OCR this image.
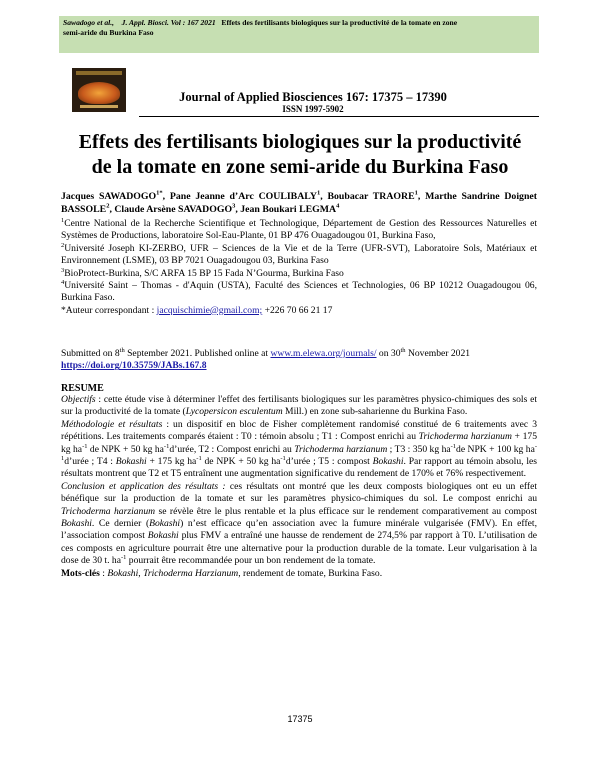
Sawadogo et al., J. Appl. Biosci. Vol : 167 2021 Effets des fertilisants biologiques sur la productivité de la tomate en zone
semi-aride du Burkina Faso
Journal of Applied Biosciences 167: 17375 – 17390
ISSN 1997-5902
Effets des fertilisants biologiques sur la productivité
de la tomate en zone semi-aride du Burkina Faso
Jacques $SAWADOGO^{1*}$, Pane Jeanne d’Arc COULIBALY$^1$, Boubacar TRAORE$^1$, Marthe Sandrine Doignet BASSOLE$^2$, Claude Arsène SAVADOGO$^3$, Jean Boukari LEGMA$^4$

$^1$Centre National de la Recherche Scientifique et Technologique, Département de Gestion des Ressources Naturelles et Systèmes de Productions, laboratoire Sol-Eau-Plante, 01 BP 476 Ouagadougou 01, Burkina Faso,

$^2$Université Joseph KI-ZERBO, UFR – Sciences de la Vie et de la Terre (UFR-SVT), Laboratoire Sols, Matériaux et Environnement (LSME), 03 BP 7021 Ouagadougou 03, Burkina Faso

$^3$BioProtect-Burkina, S/C ARFA 15 BP 15 Fada N’Gourma, Burkina Faso

$^4$Université Saint – Thomas - d'Aquin (USTA), Faculté des Sciences et Technologies, 06 BP 10212 Ouagadougou 06, Burkina Faso.

*Auteur correspondant : jacquischimie@gmail.com; +226 70 66 21 17

Submitted on 8th September 2021. Published online at www.m.elewa.org/journals/ on 30th November 2021
https://doi.org/10.35759/JABs.167.8
RESUME

Objectifs : cette étude vise à déterminer l'effet des fertilisants biologiques sur les paramètres physico-chimiques des sols et sur la productivité de la tomate (Lycopersicon esculentum Mill.) en zone sub-saharienne du Burkina Faso.

Méthodologie et résultats : un dispositif en bloc de Fisher complètement randomisé constitué de 6 traitements avec 3 répétitions. Les traitements comparés étaient : T0 : témoin absolu ; T1 : Compost enrichi au Trichoderma harzianum + 175 kg $ha^{-1}$ de NPK + 50 kg $ha^{-1}d’urée$, T2 : Compost enrichi au Trichoderma harzianum ; T3 : 350 kg $ha^{-1}de$ NPK + 100 kg $ha^{-1}d’urée$ ; T4 : Bokashi + 175 kg $ha^{-1}$ de NPK + 50 kg $ha^{-1}d’urée$ ; T5 : compost Bokashi. Par rapport au témoin absolu, les résultats montrent que T2 et T5 entraînent une augmentation significative du rendement de 170% et 76% respectivement.

Conclusion et application des résultats : ces résultats ont montré que les deux composts biologiques ont eu un effet bénéfique sur la production de la tomate et sur les paramètres physico-chimiques du sol. Le compost enrichi au Trichoderma harzianum se révèle être le plus rentable et la plus efficace sur le rendement comparativement au compost Bokashi. Ce dernier (Bokashi) n’est efficace qu’en association avec la fumure minérale vulgarisée (FMV). En effet, l’association compost Bokashi plus FMV a entraîné une hausse de rendement de 274,5% par rapport à T0. L’utilisation de ces composts en agriculture pourrait être une alternative pour la production durable de la tomate. Leur vulgarisation à la dose de 30 t. $ha^{-1}$ pourrait être recommandée pour un bon rendement de la tomate.

Mots-clés : Bokashi, Trichoderma Harzianum, rendement de tomate, Burkina Faso.

17375
